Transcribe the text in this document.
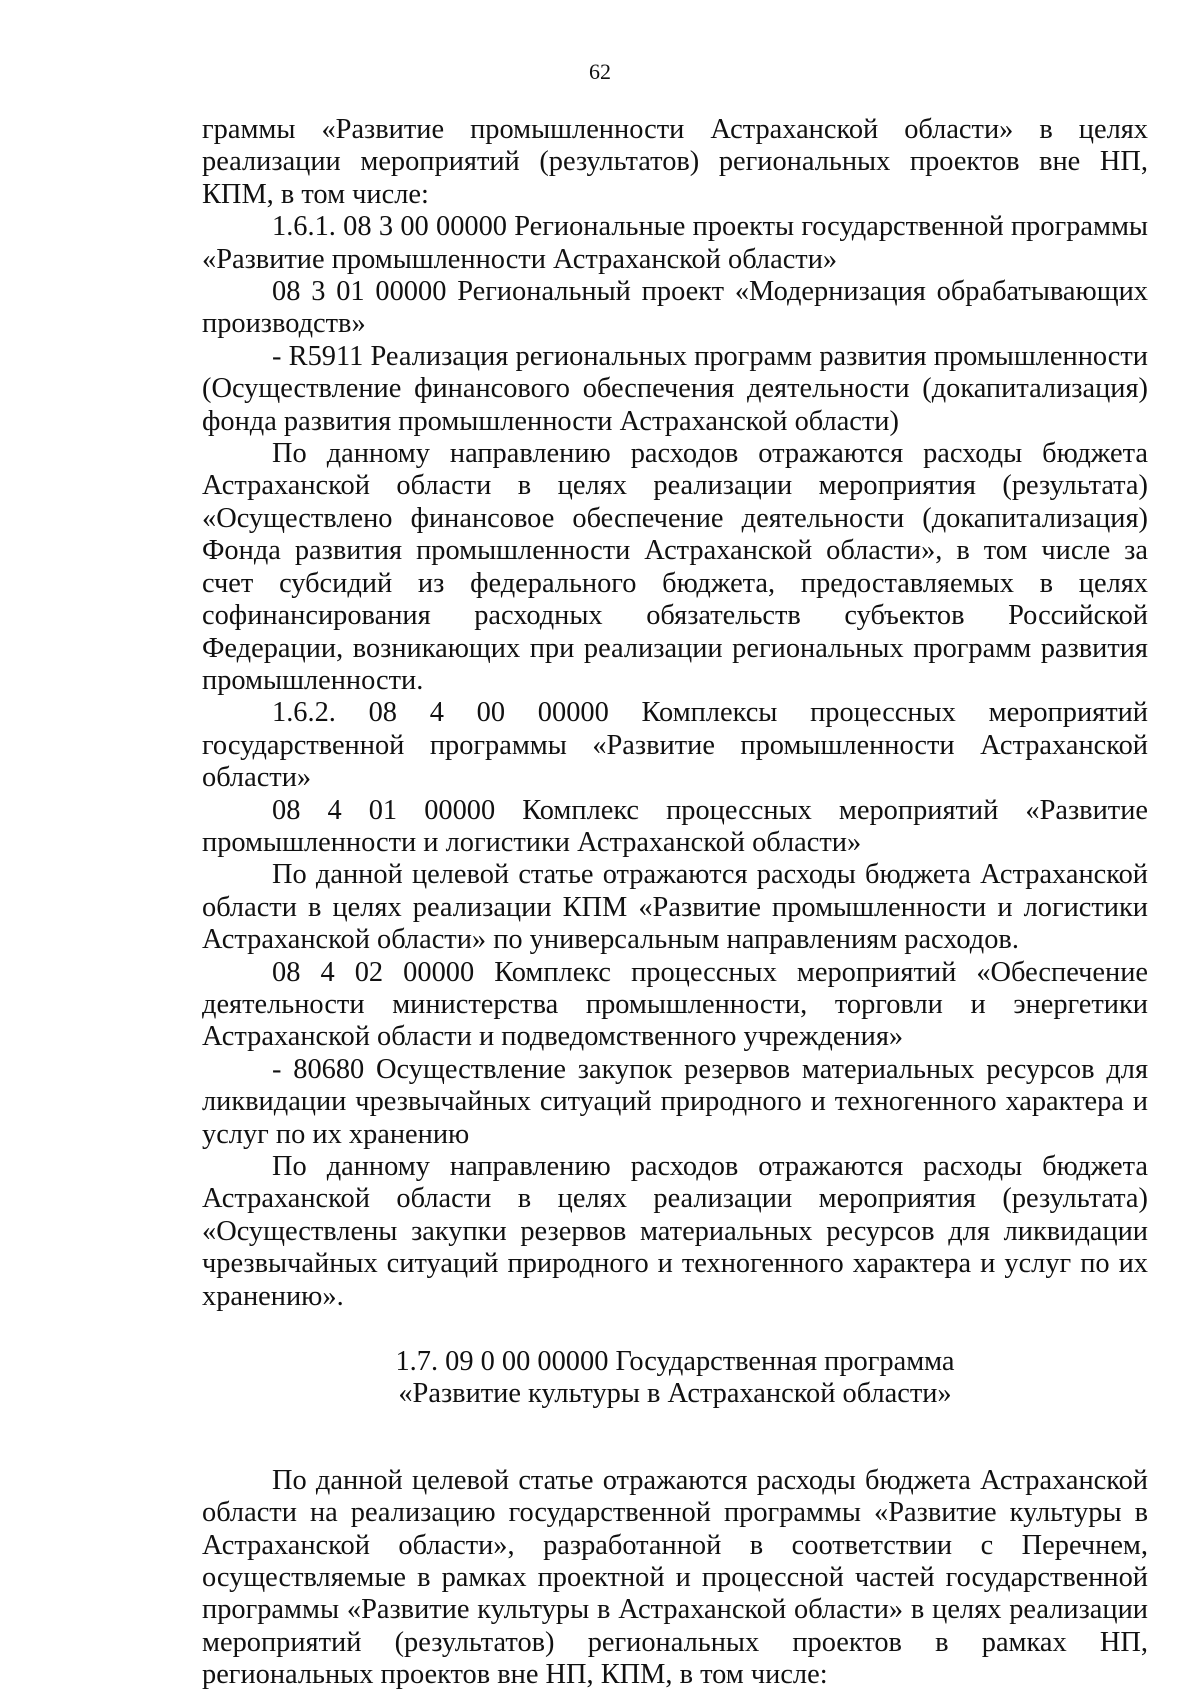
62

граммы «Развитие промышленности Астраханской области» в целях реализации мероприятий (результатов) региональных проектов вне НП, КПМ, в том числе:

1.6.1. 08 3 00 00000 Региональные проекты государственной программы «Развитие промышленности Астраханской области»

08 3 01 00000 Региональный проект «Модернизация обрабатывающих производств»

- R5911 Реализация региональных программ развития промышленности (Осуществление финансового обеспечения деятельности (докапитализация) фонда развития промышленности Астраханской области)

По данному направлению расходов отражаются расходы бюджета Астраханской области в целях реализации мероприятия (результата) «Осуществлено финансовое обеспечение деятельности (докапитализация) Фонда развития промышленности Астраханской области», в том числе за счет субсидий из федерального бюджета, предоставляемых в целях софинансирования расходных обязательств субъектов Российской Федерации, возникающих при реализации региональных программ развития промышленности.

1.6.2. 08 4 00 00000 Комплексы процессных мероприятий государственной программы «Развитие промышленности Астраханской области»

08 4 01 00000 Комплекс процессных мероприятий «Развитие промышленности и логистики Астраханской области»

По данной целевой статье отражаются расходы бюджета Астраханской области в целях реализации КПМ «Развитие промышленности и логистики Астраханской области» по универсальным направлениям расходов.

08 4 02 00000 Комплекс процессных мероприятий «Обеспечение деятельности министерства промышленности, торговли и энергетики Астраханской области и подведомственного учреждения»

- 80680 Осуществление закупок резервов материальных ресурсов для ликвидации чрезвычайных ситуаций природного и техногенного характера и услуг по их хранению

По данному направлению расходов отражаются расходы бюджета Астраханской области в целях реализации мероприятия (результата) «Осуществлены закупки резервов материальных ресурсов для ликвидации чрезвычайных ситуаций природного и техногенного характера и услуг по их хранению».

1.7. 09 0 00 00000 Государственная программа

«Развитие культуры в Астраханской области»

По данной целевой статье отражаются расходы бюджета Астраханской области на реализацию государственной программы «Развитие культуры в Астраханской области», разработанной в соответствии с Перечнем, осуществляемые в рамках проектной и процессной частей государственной программы «Развитие культуры в Астраханской области» в целях реализации мероприятий (результатов) региональных проектов в рамках НП, региональных проектов вне НП, КПМ, в том числе:
